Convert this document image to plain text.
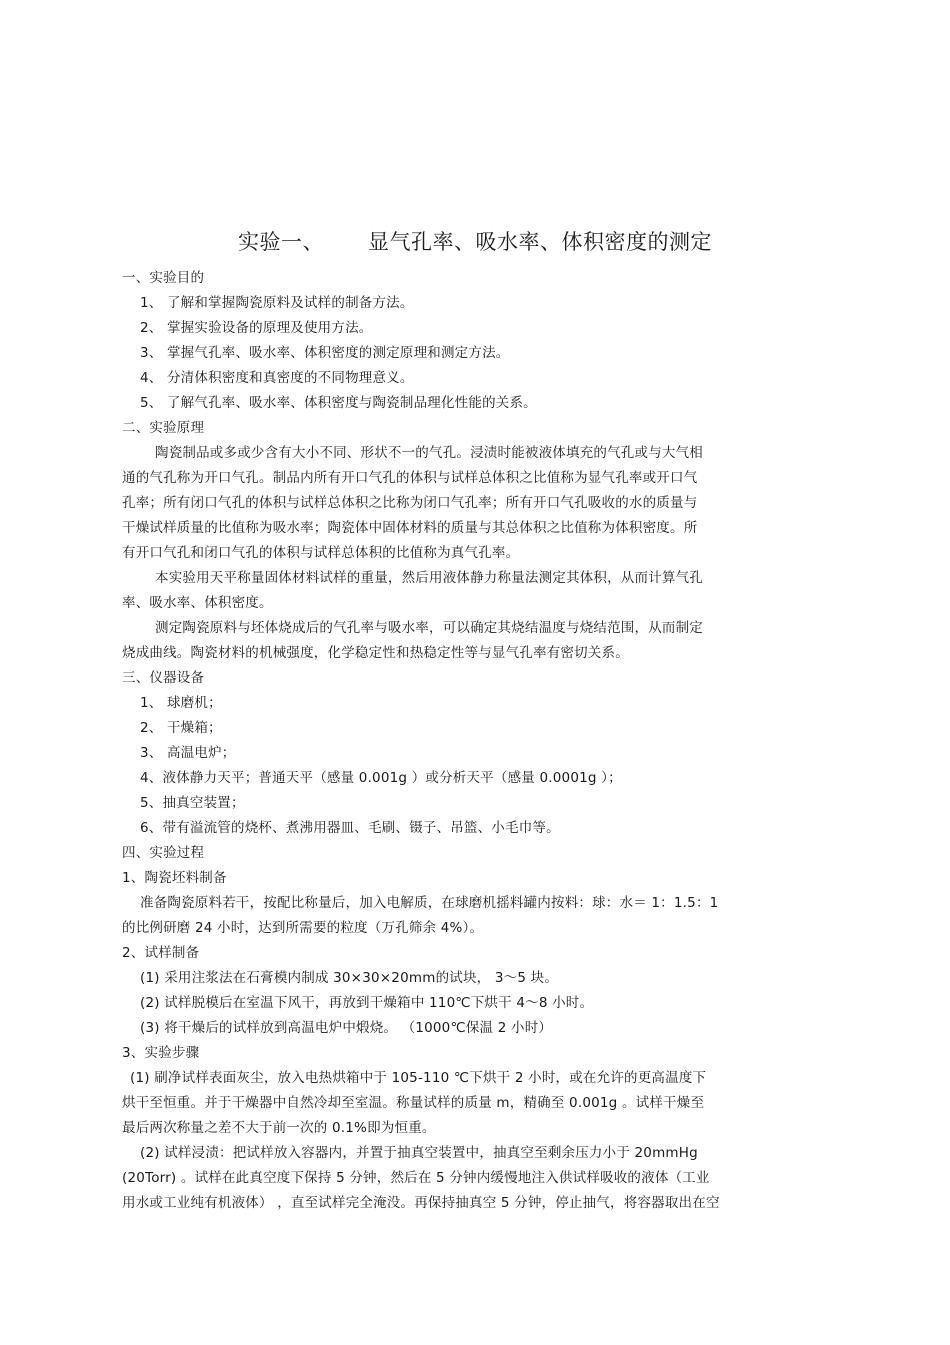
实验一、 显气孔率、吸水率、体积密度的测定
一、实验目的
1、 了解和掌握陶瓷原料及试样的制备方法。
2、 掌握实验设备的原理及使用方法。
3、 掌握气孔率、吸水率、体积密度的测定原理和测定方法。
4、 分清体积密度和真密度的不同物理意义。
5、 了解气孔率、吸水率、体积密度与陶瓷制品理化性能的关系。
二、实验原理
陶瓷制品或多或少含有大小不同、形状不一的气孔。浸渍时能被液体填充的气孔或与大气相
通的气孔称为开口气孔。制品内所有开口气孔的体积与试样总体积之比值称为显气孔率或开口气
孔率；所有闭口气孔的体积与试样总体积之比称为闭口气孔率；所有开口气孔吸收的水的质量与
干燥试样质量的比值称为吸水率；陶瓷体中固体材料的质量与其总体积之比值称为体积密度。所
有开口气孔和闭口气孔的体积与试样总体积的比值称为真气孔率。
本实验用天平称量固体材料试样的重量，然后用液体静力称量法测定其体积，从而计算气孔
率、吸水率、体积密度。
测定陶瓷原料与坯体烧成后的气孔率与吸水率，可以确定其烧结温度与烧结范围，从而制定
烧成曲线。陶瓷材料的机械强度，化学稳定性和热稳定性等与显气孔率有密切关系。
三、仪器设备
1、 球磨机；
2、 干燥箱；
3、 高温电炉；
4、液体静力天平；普通天平（感量 0.001g ）或分析天平（感量 0.0001g ）；
5、抽真空装置；
6、带有溢流管的烧杯、煮沸用器皿、毛刷、镊子、吊篮、小毛巾等。
四、实验过程
1、陶瓷坯料制备
准备陶瓷原料若干，按配比称量后，加入电解质，在球磨机摇料罐内按料：球：水＝ 1：1.5：1
的比例研磨 24 小时，达到所需要的粒度（万孔筛余 4%）。
2、试样制备
(1) 采用注浆法在石膏模内制成 30×30×20mm的试块， 3～5 块。
(2) 试样脱模后在室温下风干，再放到干燥箱中 110℃下烘干 4～8 小时。
(3) 将干燥后的试样放到高温电炉中煅烧。 （1000℃保温 2 小时）
3、实验步骤
(1) 刷净试样表面灰尘，放入电热烘箱中于 105-110 ℃下烘干 2 小时，或在允许的更高温度下
烘干至恒重。并于干燥器中自然冷却至室温。称量试样的质量 m，精确至 0.001g 。试样干燥至
最后两次称量之差不大于前一次的 0.1%即为恒重。
(2) 试样浸渍：把试样放入容器内，并置于抽真空装置中，抽真空至剩余压力小于 20mmHg
(20Torr) 。试样在此真空度下保持 5 分钟，然后在 5 分钟内缓慢地注入供试样吸收的液体（工业
用水或工业纯有机液体） ，直至试样完全淹没。再保持抽真空 5 分钟，停止抽气，将容器取出在空
